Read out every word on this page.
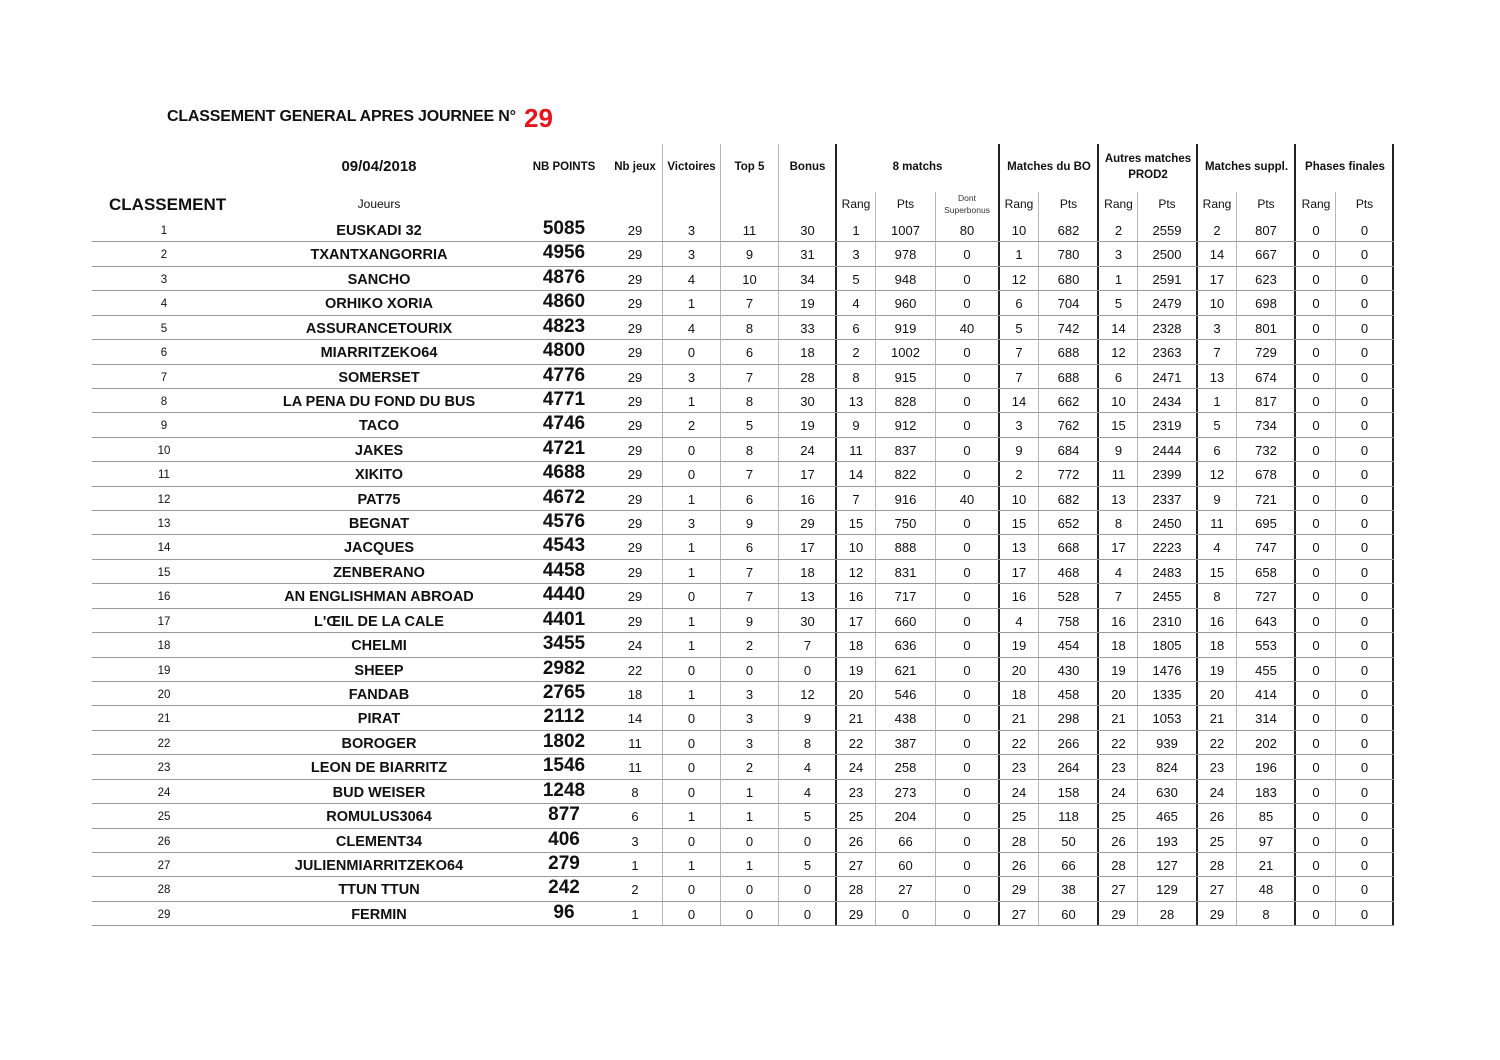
CLASSEMENT GENERAL APRES JOURNEE N° 29
09/04/2018	NB POINTS	Nb jeux	Victoires	Top 5	Bonus	8 matchs	Matches du BO
Autres matches
PROD2
Matches suppl.	Phases finales
CLASSEMENT	Joueurs	Rang	Pts	Dont
Superbonus	Rang	Pts	Rang	Pts	Rang	Pts	Rang	Pts
1	EUSKADI 32	5085	29	3	11	30	1	1007	80	10	682	2	2559	2	807	0	0
2	TXANTXANGORRIA	4956	29	3	9	31	3	978	0	1	780	3	2500	14	667	0	0
3	SANCHO	4876	29	4	10	34	5	948	0	12	680	1	2591	17	623	0	0
4	ORHIKO XORIA	4860	29	1	7	19	4	960	0	6	704	5	2479	10	698	0	0
5	ASSURANCETOURIX	4823	29	4	8	33	6	919	40	5	742	14	2328	3	801	0	0
6	MIARRITZEKO64	4800	29	0	6	18	2	1002	0	7	688	12	2363	7	729	0	0
7	SOMERSET	4776	29	3	7	28	8	915	0	7	688	6	2471	13	674	0	0
8	LA PENA DU FOND DU BUS	4771	29	1	8	30	13	828	0	14	662	10	2434	1	817	0	0
9	TACO	4746	29	2	5	19	9	912	0	3	762	15	2319	5	734	0	0
10	JAKES	4721	29	0	8	24	11	837	0	9	684	9	2444	6	732	0	0
11	XIKITO	4688	29	0	7	17	14	822	0	2	772	11	2399	12	678	0	0
12	PAT75	4672	29	1	6	16	7	916	40	10	682	13	2337	9	721	0	0
13	BEGNAT	4576	29	3	9	29	15	750	0	15	652	8	2450	11	695	0	0
14	JACQUES	4543	29	1	6	17	10	888	0	13	668	17	2223	4	747	0	0
15	ZENBERANO	4458	29	1	7	18	12	831	0	17	468	4	2483	15	658	0	0
16	AN ENGLISHMAN ABROAD	4440	29	0	7	13	16	717	0	16	528	7	2455	8	727	0	0
17	L'ŒIL DE LA CALE	4401	29	1	9	30	17	660	0	4	758	16	2310	16	643	0	0
18	CHELMI	3455	24	1	2	7	18	636	0	19	454	18	1805	18	553	0	0
19	SHEEP	2982	22	0	0	0	19	621	0	20	430	19	1476	19	455	0	0
20	FANDAB	2765	18	1	3	12	20	546	0	18	458	20	1335	20	414	0	0
21	PIRAT	2112	14	0	3	9	21	438	0	21	298	21	1053	21	314	0	0
22	BOROGER	1802	11	0	3	8	22	387	0	22	266	22	939	22	202	0	0
23	LEON DE BIARRITZ	1546	11	0	2	4	24	258	0	23	264	23	824	23	196	0	0
24	BUD WEISER	1248	8	0	1	4	23	273	0	24	158	24	630	24	183	0	0
25	ROMULUS3064	877	6	1	1	5	25	204	0	25	118	25	465	26	85	0	0
26	CLEMENT34	406	3	0	0	0	26	66	0	28	50	26	193	25	97	0	0
27	JULIENMIARRITZEKO64	279	1	1	1	5	27	60	0	26	66	28	127	28	21	0	0
28	TTUN TTUN	242	2	0	0	0	28	27	0	29	38	27	129	27	48	0	0
29	FERMIN	96	1	0	0	0	29	0	0	27	60	29	28	29	8	0	0
